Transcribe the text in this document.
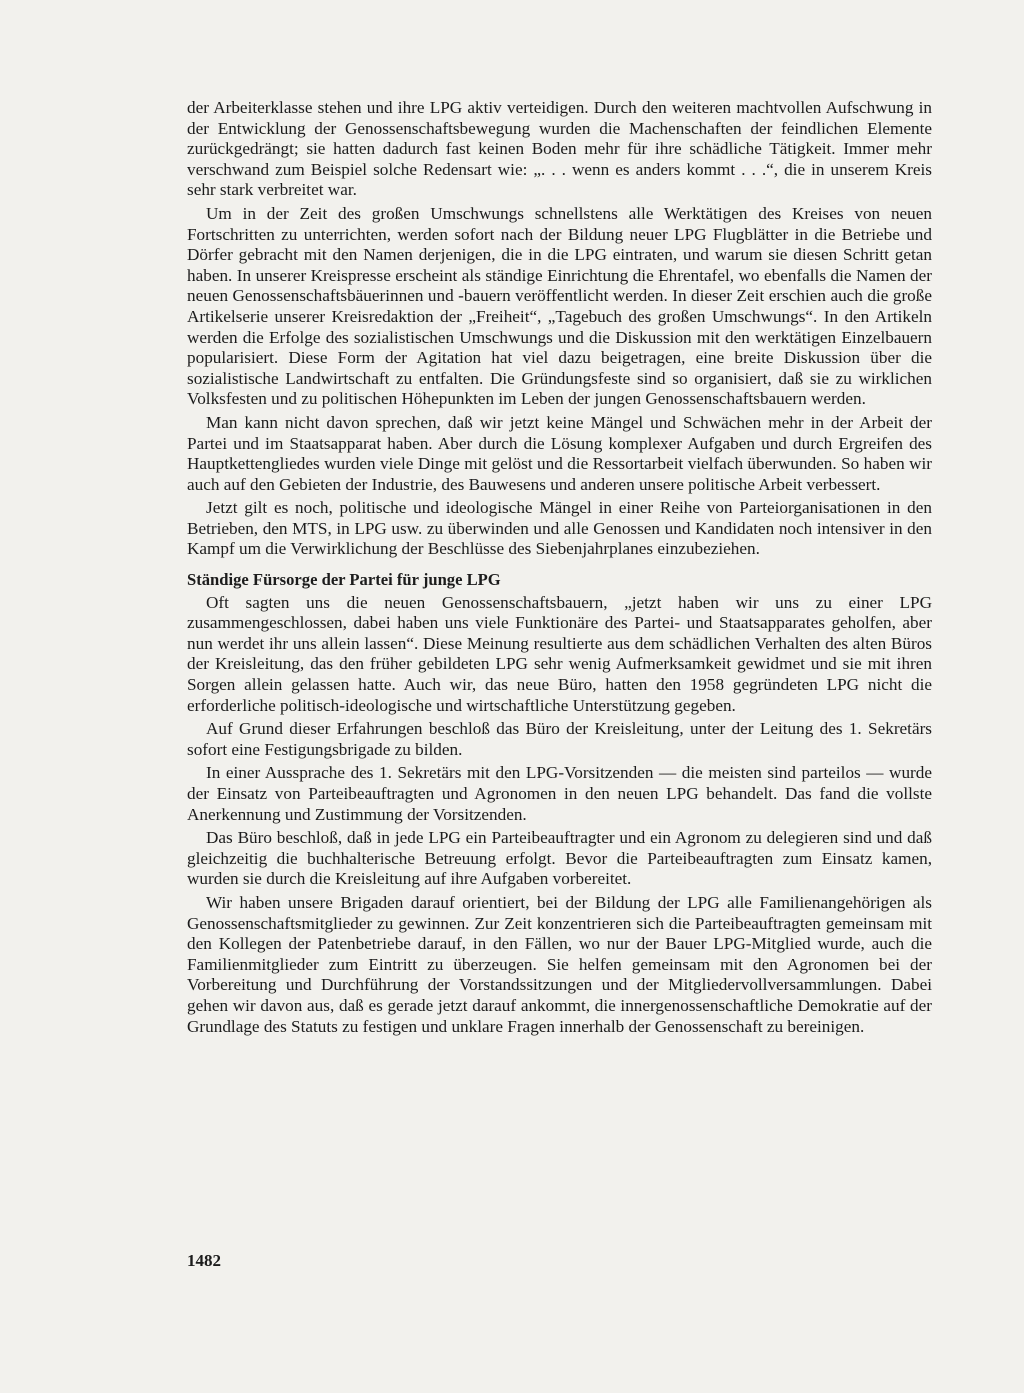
der Arbeiterklasse stehen und ihre LPG aktiv verteidigen. Durch den weiteren machtvollen Aufschwung in der Entwicklung der Genossenschaftsbewegung wurden die Machenschaften der feindlichen Elemente zurückgedrängt; sie hatten dadurch fast keinen Boden mehr für ihre schädliche Tätigkeit. Immer mehr verschwand zum Beispiel solche Redensart wie: „. . . wenn es anders kommt . . .“, die in unserem Kreis sehr stark verbreitet war.

Um in der Zeit des großen Umschwungs schnellstens alle Werktätigen des Kreises von neuen Fortschritten zu unterrichten, werden sofort nach der Bildung neuer LPG Flugblätter in die Betriebe und Dörfer gebracht mit den Namen derjenigen, die in die LPG eintraten, und warum sie diesen Schritt getan haben. In unserer Kreispresse erscheint als ständige Einrichtung die Ehrentafel, wo ebenfalls die Namen der neuen Genossenschaftsbäuerinnen und -bauern veröffentlicht werden. In dieser Zeit erschien auch die große Artikelserie unserer Kreisredaktion der „Freiheit“, „Tagebuch des großen Umschwungs“. In den Artikeln werden die Erfolge des sozialistischen Umschwungs und die Diskussion mit den werktätigen Einzelbauern popularisiert. Diese Form der Agitation hat viel dazu beigetragen, eine breite Diskussion über die sozialistische Landwirtschaft zu entfalten. Die Gründungsfeste sind so organisiert, daß sie zu wirklichen Volksfesten und zu politischen Höhepunkten im Leben der jungen Genossenschaftsbauern werden.

Man kann nicht davon sprechen, daß wir jetzt keine Mängel und Schwächen mehr in der Arbeit der Partei und im Staatsapparat haben. Aber durch die Lösung komplexer Aufgaben und durch Ergreifen des Hauptkettengliedes wurden viele Dinge mit gelöst und die Ressortarbeit vielfach überwunden. So haben wir auch auf den Gebieten der Industrie, des Bauwesens und anderen unsere politische Arbeit verbessert.

Jetzt gilt es noch, politische und ideologische Mängel in einer Reihe von Parteiorganisationen in den Betrieben, den MTS, in LPG usw. zu überwinden und alle Genossen und Kandidaten noch intensiver in den Kampf um die Verwirklichung der Beschlüsse des Siebenjahrplanes einzubeziehen.

Ständige Fürsorge der Partei für junge LPG

Oft sagten uns die neuen Genossenschaftsbauern, „jetzt haben wir uns zu einer LPG zusammengeschlossen, dabei haben uns viele Funktionäre des Partei- und Staatsapparates geholfen, aber nun werdet ihr uns allein lassen“. Diese Meinung resultierte aus dem schädlichen Verhalten des alten Büros der Kreisleitung, das den früher gebildeten LPG sehr wenig Aufmerksamkeit gewidmet und sie mit ihren Sorgen allein gelassen hatte. Auch wir, das neue Büro, hatten den 1958 gegründeten LPG nicht die erforderliche politisch-ideologische und wirtschaftliche Unterstützung gegeben.

Auf Grund dieser Erfahrungen beschloß das Büro der Kreisleitung, unter der Leitung des 1. Sekretärs sofort eine Festigungsbrigade zu bilden.

In einer Aussprache des 1. Sekretärs mit den LPG-Vorsitzenden — die meisten sind parteilos — wurde der Einsatz von Parteibeauftragten und Agronomen in den neuen LPG behandelt. Das fand die vollste Anerkennung und Zustimmung der Vorsitzenden.

Das Büro beschloß, daß in jede LPG ein Parteibeauftragter und ein Agronom zu delegieren sind und daß gleichzeitig die buchhalterische Betreuung erfolgt. Bevor die Parteibeauftragten zum Einsatz kamen, wurden sie durch die Kreisleitung auf ihre Aufgaben vorbereitet.

Wir haben unsere Brigaden darauf orientiert, bei der Bildung der LPG alle Familienangehörigen als Genossenschaftsmitglieder zu gewinnen. Zur Zeit konzentrieren sich die Parteibeauftragten gemeinsam mit den Kollegen der Patenbetriebe darauf, in den Fällen, wo nur der Bauer LPG-Mitglied wurde, auch die Familienmitglieder zum Eintritt zu überzeugen. Sie helfen gemeinsam mit den Agronomen bei der Vorbereitung und Durchführung der Vorstandssitzungen und der Mitgliedervollversammlungen. Dabei gehen wir davon aus, daß es gerade jetzt darauf ankommt, die innergenossenschaftliche Demokratie auf der Grundlage des Statuts zu festigen und unklare Fragen innerhalb der Genossenschaft zu bereinigen.

1482
